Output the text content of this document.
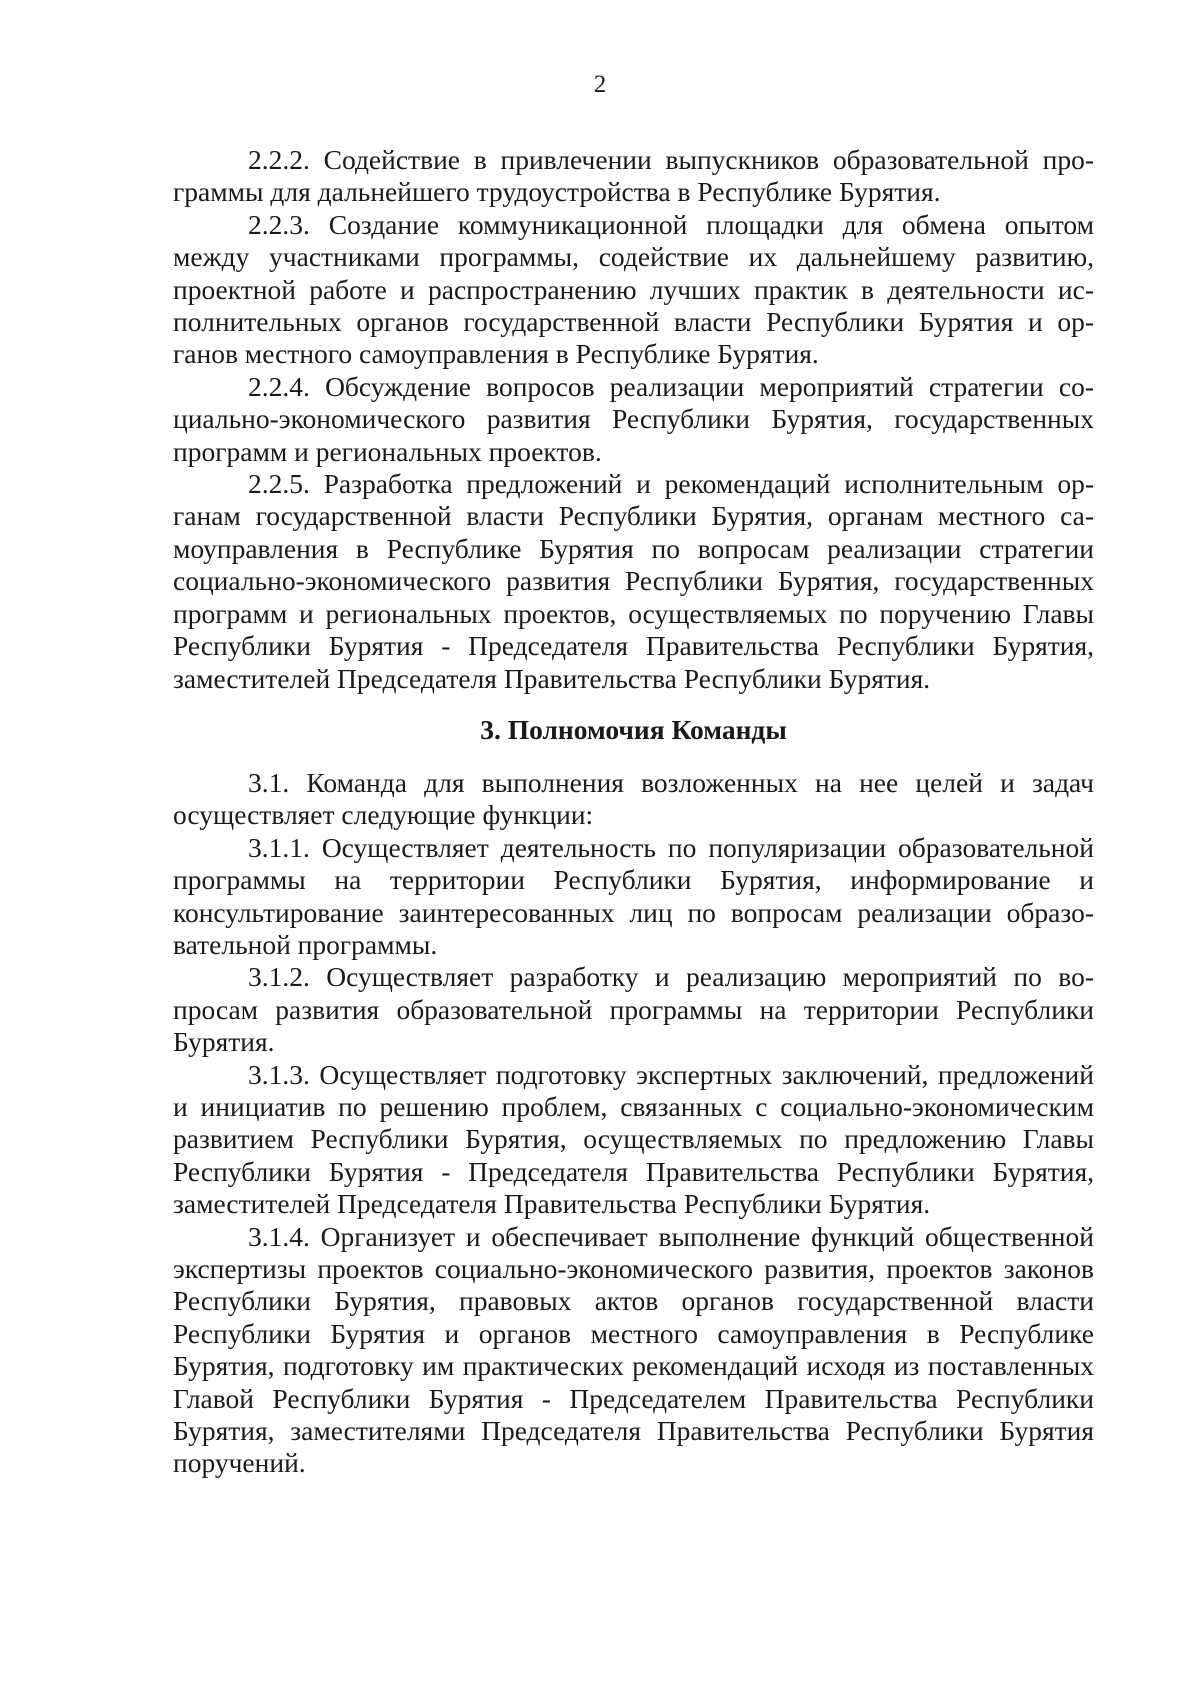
2

2.2.2. Содействие в привлечении выпускников образовательной программы для дальнейшего трудоустройства в Республике Бурятия.

2.2.3. Создание коммуникационной площадки для обмена опытом между участниками программы, содействие их дальнейшему развитию, проектной работе и распространению лучших практик в деятельности исполнительных органов государственной власти Республики Бурятия и органов местного самоуправления в Республике Бурятия.

2.2.4. Обсуждение вопросов реализации мероприятий стратегии социально-экономического развития Республики Бурятия, государственных программ и региональных проектов.

2.2.5. Разработка предложений и рекомендаций исполнительным органам государственной власти Республики Бурятия, органам местного самоуправления в Республике Бурятия по вопросам реализации стратегии социально-экономического развития Республики Бурятия, государственных программ и региональных проектов, осуществляемых по поручению Главы Республики Бурятия - Председателя Правительства Республики Бурятия, заместителей Председателя Правительства Республики Бурятия.

3. Полномочия Команды

3.1. Команда для выполнения возложенных на нее целей и задач осуществляет следующие функции:

3.1.1. Осуществляет деятельность по популяризации образовательной программы на территории Республики Бурятия, информирование и консультирование заинтересованных лиц по вопросам реализации образовательной программы.

3.1.2. Осуществляет разработку и реализацию мероприятий по вопросам развития образовательной программы на территории Республики Бурятия.

3.1.3. Осуществляет подготовку экспертных заключений, предложений и инициатив по решению проблем, связанных с социально-экономическим развитием Республики Бурятия, осуществляемых по предложению Главы Республики Бурятия - Председателя Правительства Республики Бурятия, заместителей Председателя Правительства Республики Бурятия.

3.1.4. Организует и обеспечивает выполнение функций общественной экспертизы проектов социально-экономического развития, проектов законов Республики Бурятия, правовых актов органов государственной власти Республики Бурятия и органов местного самоуправления в Республике Бурятия, подготовку им практических рекомендаций исходя из поставленных Главой Республики Бурятия - Председателем Правительства Республики Бурятия, заместителями Председателя Правительства Республики Бурятия поручений.
